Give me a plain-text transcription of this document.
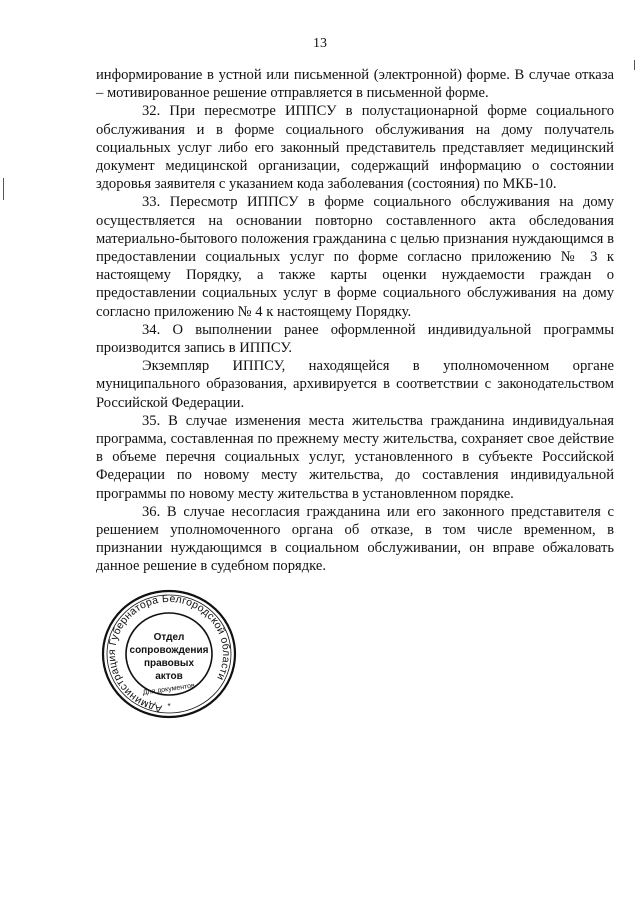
13

информирование в устной или письменной (электронной) форме. В случае отказа – мотивированное решение отправляется в письменной форме.

32. При пересмотре ИППСУ в полустационарной форме социального обслуживания и в форме социального обслуживания на дому получатель социальных услуг либо его законный представитель представляет медицинский документ медицинской организации, содержащий информацию о состоянии здоровья заявителя с указанием кода заболевания (состояния) по МКБ-10.

33. Пересмотр ИППСУ в форме социального обслуживания на дому осуществляется на основании повторно составленного акта обследования материально-бытового положения гражданина с целью признания нуждающимся в предоставлении социальных услуг по форме согласно приложению № 3 к настоящему Порядку, а также карты оценки нуждаемости граждан о предоставлении социальных услуг в форме социального обслуживания на дому согласно приложению № 4 к настоящему Порядку.

34. О выполнении ранее оформленной индивидуальной программы производится запись в ИППСУ.

Экземпляр ИППСУ, находящейся в уполномоченном органе муниципального образования, архивируется в соответствии с законодательством Российской Федерации.

35. В случае изменения места жительства гражданина индивидуальная программа, составленная по прежнему месту жительства, сохраняет свое действие в объеме перечня социальных услуг, установленного в субъекте Российской Федерации по новому месту жительства, до составления индивидуальной программы по новому месту жительства в установленном порядке.

36. В случае несогласия гражданина или его законного представителя с решением уполномоченного органа об отказе, в том числе временном, в признании нуждающимся в социальном обслуживании, он вправе обжаловать данное решение в судебном порядке.

Администрация Губернатора Белгородской области
Отдел
сопровождения
правовых
актов
Для документов
*
